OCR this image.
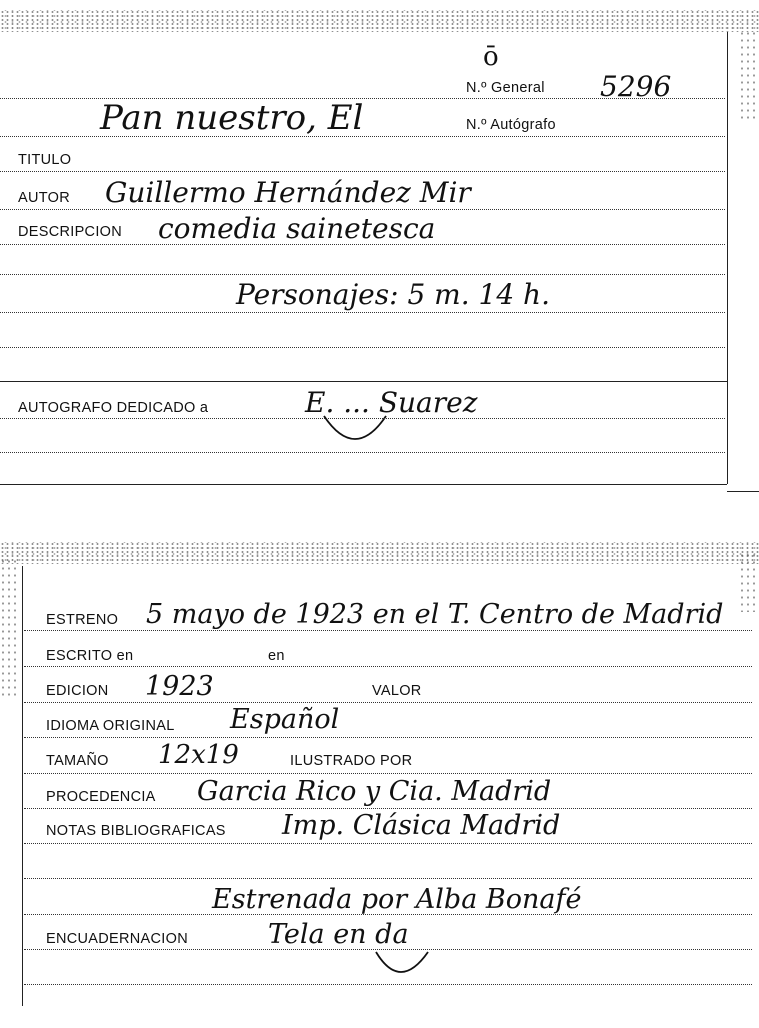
ō
N.º General 5296
Pan nuestro, El	N.º Autógrafo
TITULO
AUTOR Guillermo Hernández Mir
DESCRIPCION comedia sainetesca
Personajes: 5 m. 14 h.
AUTOGRAFO DEDICADO a	E. ... Suarez
ESTRENO 5 mayo de 1923 en el T. Centro de Madrid
ESCRITO en	en
EDICION 1923	VALOR
IDIOMA ORIGINAL Español
TAMAÑO 12x19	ILUSTRADO POR
PROCEDENCIA Garcia Rico y Cia. Madrid
NOTAS BIBLIOGRAFICAS Imp. Clásica Madrid
Estrenada por Alba Bonafé
ENCUADERNACION	Tela en da
